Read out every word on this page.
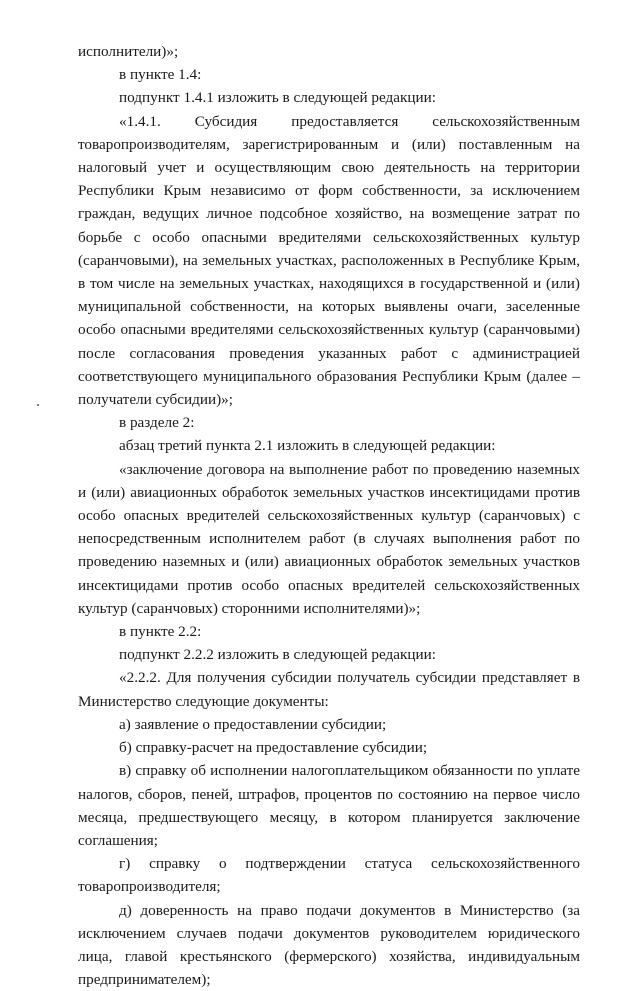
исполнители)»;

в пункте 1.4:

подпункт 1.4.1 изложить в следующей редакции:

«1.4.1. Субсидия предоставляется сельскохозяйственным товаропроизводителям, зарегистрированным и (или) поставленным на налоговый учет и осуществляющим свою деятельность на территории Республики Крым независимо от форм собственности, за исключением граждан, ведущих личное подсобное хозяйство, на возмещение затрат по борьбе с особо опасными вредителями сельскохозяйственных культур (саранчовыми), на земельных участках, расположенных в Республике Крым, в том числе на земельных участках, находящихся в государственной и (или) муниципальной собственности, на которых выявлены очаги, заселенные особо опасными вредителями сельскохозяйственных культур (саранчовыми) после согласования проведения указанных работ с администрацией соответствующего муниципального образования Республики Крым (далее – получатели субсидии)»;

в разделе 2:

абзац третий пункта 2.1 изложить в следующей редакции:

«заключение договора на выполнение работ по проведению наземных и (или) авиационных обработок земельных участков инсектицидами против особо опасных вредителей сельскохозяйственных культур (саранчовых) с непосредственным исполнителем работ (в случаях выполнения работ по проведению наземных и (или) авиационных обработок земельных участков инсектицидами против особо опасных вредителей сельскохозяйственных культур (саранчовых) сторонними исполнителями)»;

в пункте 2.2:

подпункт 2.2.2 изложить в следующей редакции:

«2.2.2. Для получения субсидии получатель субсидии представляет в Министерство следующие документы:

а) заявление о предоставлении субсидии;

б) справку-расчет на предоставление субсидии;

в) справку об исполнении налогоплательщиком обязанности по уплате налогов, сборов, пеней, штрафов, процентов по состоянию на первое число месяца, предшествующего месяцу, в котором планируется заключение соглашения;

г) справку о подтверждении статуса сельскохозяйственного товаропроизводителя;

д) доверенность на право подачи документов в Министерство (за исключением случаев подачи документов руководителем юридического лица, главой крестьянского (фермерского) хозяйства, индивидуальным предпринимателем);
